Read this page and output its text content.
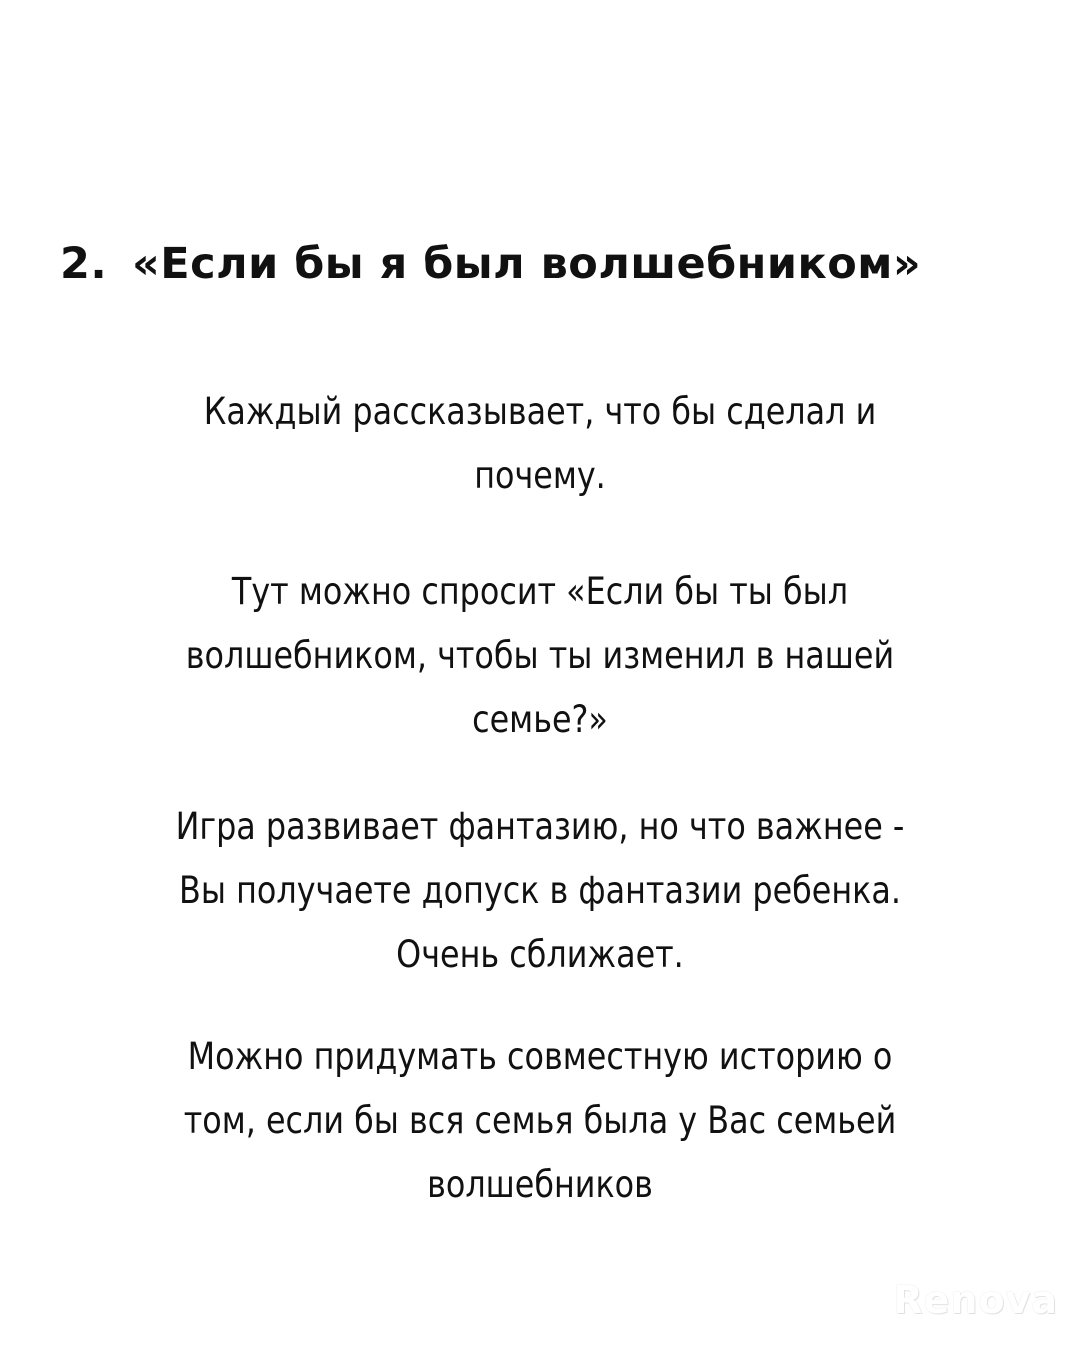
2. «Если бы я был волшебником»
Каждый рассказывает, что бы сделал и почему.
Тут можно спросит «Если бы ты был волшебником, чтобы ты изменил в нашей семье?»
Игра развивает фантазию, но что важнее - Вы получаете допуск в фантазии ребенка. Очень сближает.
Можно придумать совместную историю о том, если бы вся семья была у Вас семьей волшебников
Renova
